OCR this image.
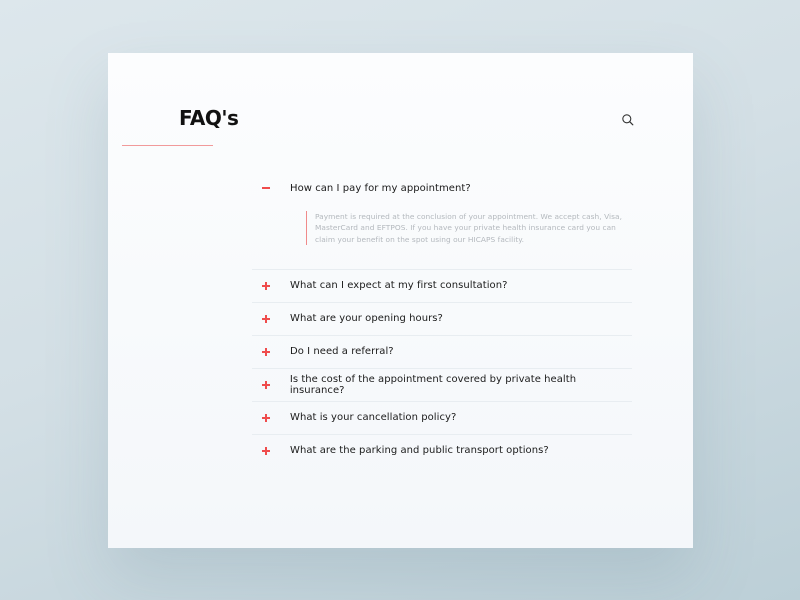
FAQ's
How can I pay for my appointment?
Payment is required at the conclusion of your appointment. We accept cash, Visa, MasterCard and EFTPOS. If you have your private health insurance card you can claim your benefit on the spot using our HICAPS facility.
What can I expect at my first consultation?
What are your opening hours?
Do I need a referral?
Is the cost of the appointment covered by private health insurance?
What is your cancellation policy?
What are the parking and public transport options?
